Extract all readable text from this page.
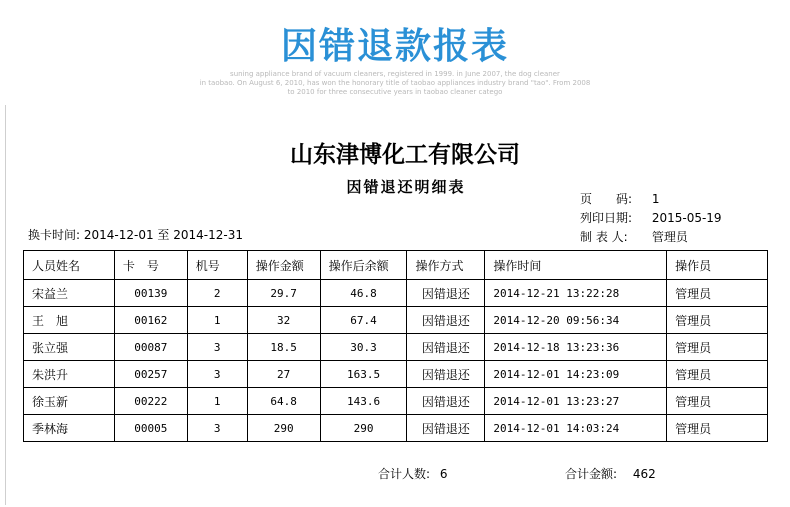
因错退款报表
suning appliance brand of vacuum cleaners, registered in 1999. in June 2007, the dog cleaner
in taobao. On August 6, 2010, has won the honorary title of taobao appliances industry brand "tao". From 2008
to 2010 for three consecutive years in taobao cleaner catego
山东津博化工有限公司
因错退还明细表
页　　码: 1
列印日期: 2015-05-19
制 表 人: 管理员
换卡时间: 2014-12-01 至 2014-12-31
人员姓名	卡　号	机号	操作金额	操作后余额	操作方式	操作时间	操作员
宋益兰	00139	2	29.7	46.8	因错退还	2014-12-21 13:22:28	管理员
王　旭	00162	1	32	67.4	因错退还	2014-12-20 09:56:34	管理员
张立强	00087	3	18.5	30.3	因错退还	2014-12-18 13:23:36	管理员
朱洪升	00257	3	27	163.5	因错退还	2014-12-01 14:23:09	管理员
徐玉新	00222	1	64.8	143.6	因错退还	2014-12-01 13:23:27	管理员
季林海	00005	3	290	290	因错退还	2014-12-01 14:03:24	管理员
合计人数: 6	合计金额: 462
